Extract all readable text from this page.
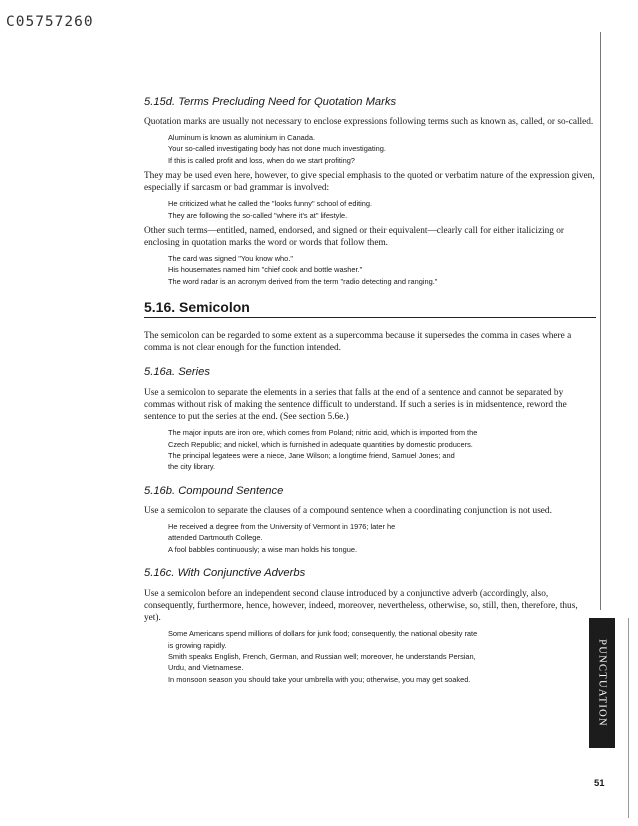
C05757260
5.15d. Terms Precluding Need for Quotation Marks

Quotation marks are usually not necessary to enclose expressions following terms such as known as, called, or so-called.

Aluminum is known as aluminium in Canada.
Your so-called investigating body has not done much investigating.
If this is called profit and loss, when do we start profiting?

They may be used even here, however, to give special emphasis to the quoted or verbatim nature of the expression given, especially if sarcasm or bad grammar is involved:

He criticized what he called the "looks funny" school of editing.
They are following the so-called "where it's at" lifestyle.

Other such terms—entitled, named, endorsed, and signed or their equivalent—clearly call for either italicizing or enclosing in quotation marks the word or words that follow them.

The card was signed "You know who."
His housemates named him "chief cook and bottle washer."
The word radar is an acronym derived from the term "radio detecting and ranging."
5.16. Semicolon

The semicolon can be regarded to some extent as a supercomma because it supersedes the comma in cases where a comma is not clear enough for the function intended.

5.16a. Series

Use a semicolon to separate the elements in a series that falls at the end of a sentence and cannot be separated by commas without risk of making the sentence difficult to understand. If such a series is in midsentence, reword the sentence to put the series at the end. (See section 5.6e.)

The major inputs are iron ore, which comes from Poland; nitric acid, which is imported from the
Czech Republic; and nickel, which is furnished in adequate quantities by domestic producers.
The principal legatees were a niece, Jane Wilson; a longtime friend, Samuel Jones; and
the city library.
5.16b. Compound Sentence

Use a semicolon to separate the clauses of a compound sentence when a coordinating conjunction is not used.

He received a degree from the University of Vermont in 1976; later he
attended Dartmouth College.
A fool babbles continuously; a wise man holds his tongue.
5.16c. With Conjunctive Adverbs

Use a semicolon before an independent second clause introduced by a conjunctive adverb (accordingly, also, consequently, furthermore, hence, however, indeed, moreover, nevertheless, otherwise, so, still, then, therefore, thus, yet).

Some Americans spend millions of dollars for junk food; consequently, the national obesity rate
is growing rapidly.
Smith speaks English, French, German, and Russian well; moreover, he understands Persian,
Urdu, and Vietnamese.
In monsoon season you should take your umbrella with you; otherwise, you may get soaked.	PUNCTUATION
51
